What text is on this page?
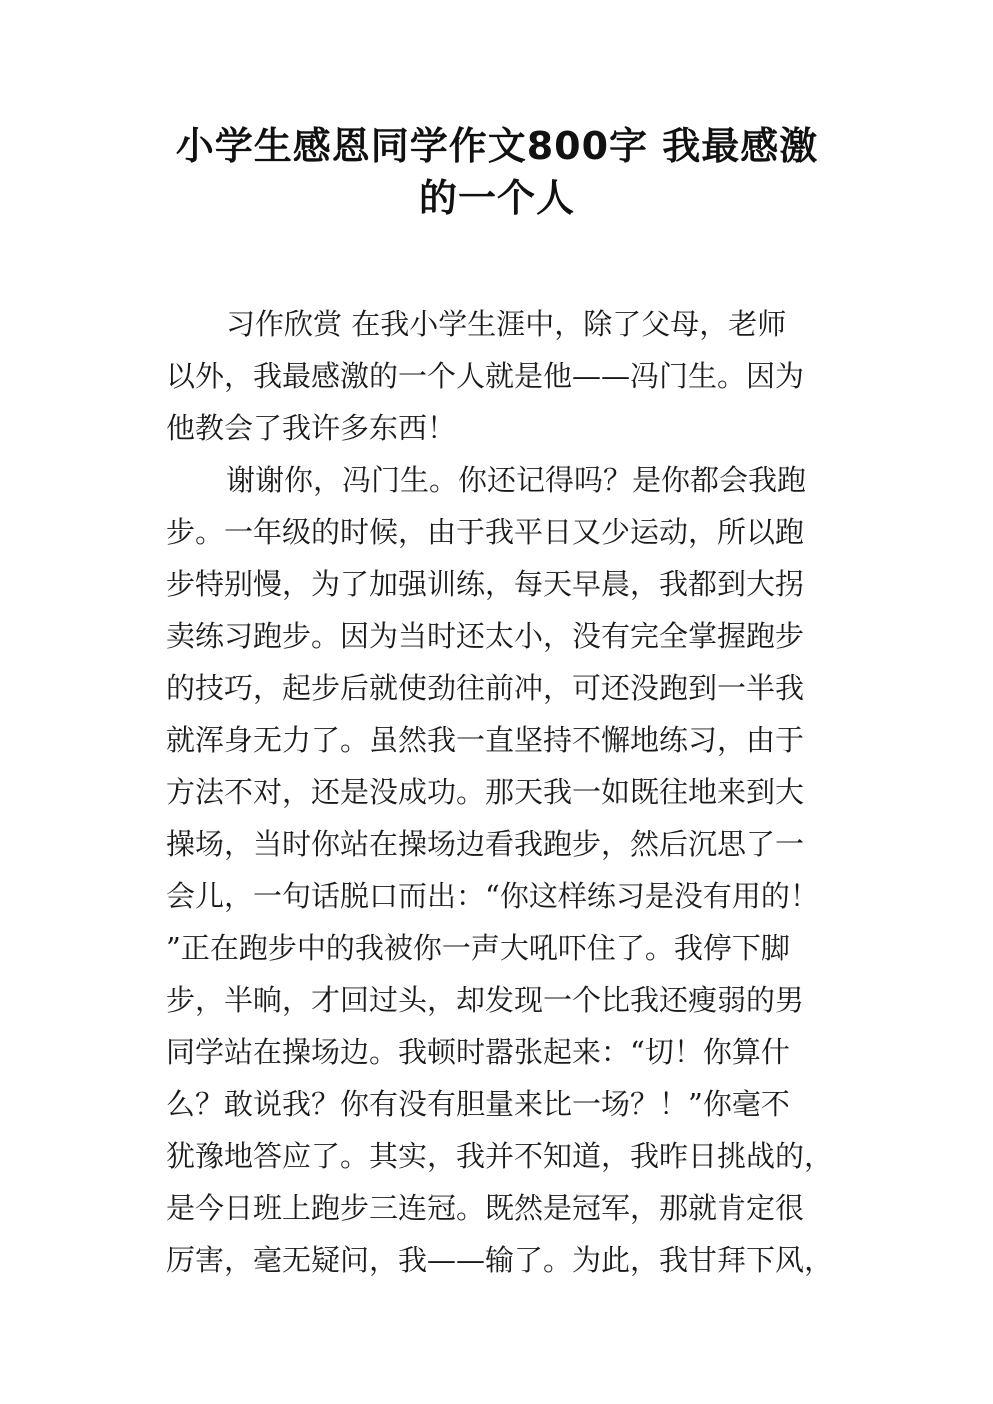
小学生感恩同学作文800字 我最感激
的一个人
习作欣赏 在我小学生涯中，除了父母，老师
以外，我最感激的一个人就是他——冯门生。因为
他教会了我许多东西！
谢谢你，冯门生。你还记得吗？是你都会我跑
步。一年级的时候，由于我平日又少运动，所以跑
步特别慢，为了加强训练，每天早晨，我都到大拐
卖练习跑步。因为当时还太小，没有完全掌握跑步
的技巧，起步后就使劲往前冲，可还没跑到一半我
就浑身无力了。虽然我一直坚持不懈地练习，由于
方法不对，还是没成功。那天我一如既往地来到大
操场，当时你站在操场边看我跑步，然后沉思了一
会儿，一句话脱口而出：“你这样练习是没有用的！
”正在跑步中的我被你一声大吼吓住了。我停下脚
步，半晌，才回过头，却发现一个比我还瘦弱的男
同学站在操场边。我顿时嚣张起来：“切！你算什
么？敢说我？你有没有胆量来比一场？！”你毫不
犹豫地答应了。其实，我并不知道，我昨日挑战的，
是今日班上跑步三连冠。既然是冠军，那就肯定很
厉害，毫无疑问，我——输了。为此，我甘拜下风，
